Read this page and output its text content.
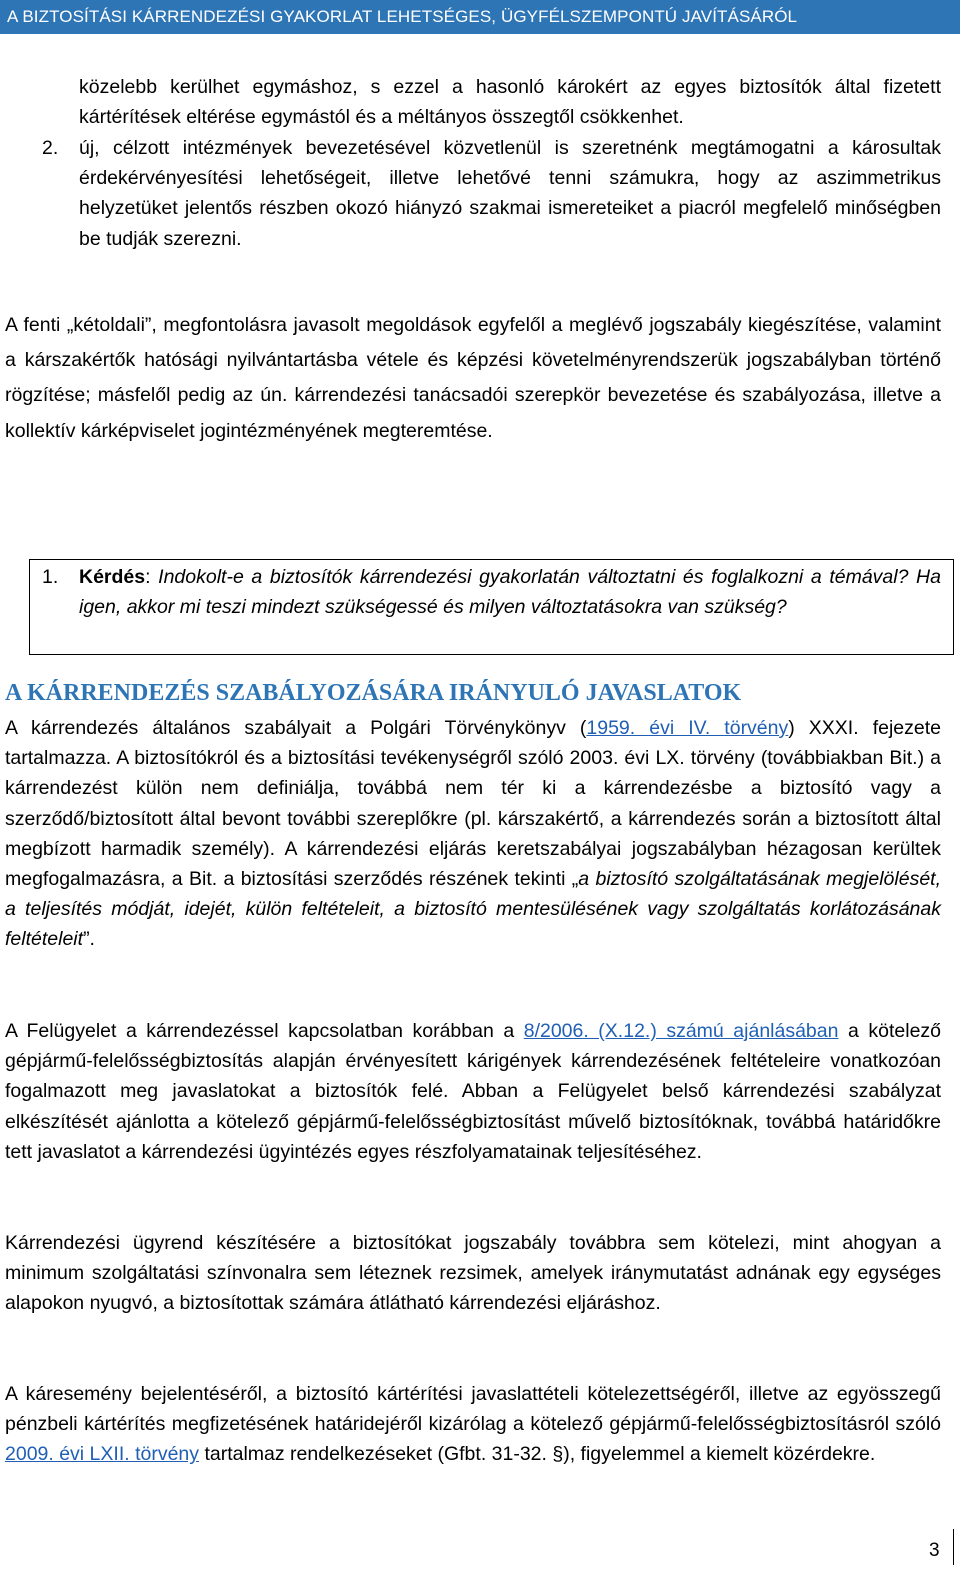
A BIZTOSÍTÁSI KÁRRENDEZÉSI GYAKORLAT LEHETSÉGES, ÜGYFÉLSZEMPONTÚ JAVÍTÁSÁRÓL

közelebb kerülhet egymáshoz, s ezzel a hasonló károkért az egyes biztosítók által fizetett kártérítések eltérése egymástól és a méltányos összegtől csökkenhet.

2. új, célzott intézmények bevezetésével közvetlenül is szeretnénk megtámogatni a károsultak érdekérvényesítési lehetőségeit, illetve lehetővé tenni számukra, hogy az aszimmetrikus helyzetüket jelentős részben okozó hiányzó szakmai ismereteiket a piacról megfelelő minőségben be tudják szerezni.

A fenti „kétoldali”, megfontolásra javasolt megoldások egyfelől a meglévő jogszabály kiegészítése, valamint a kárszakértők hatósági nyilvántartásba vétele és képzési követelményrendszerük jogszabályban történő rögzítése; másfelől pedig az ún. kárrendezési tanácsadói szerepkör bevezetése és szabályozása, illetve a kollektív kárképviselet jogintézményének megteremtése.

1. Kérdés: Indokolt-e a biztosítók kárrendezési gyakorlatán változtatni és foglalkozni a témával? Ha igen, akkor mi teszi mindezt szükségessé és milyen változtatásokra van szükség?

A KÁRRENDEZÉS SZABÁLYOZÁSÁRA IRÁNYULÓ JAVASLATOK

A kárrendezés általános szabályait a Polgári Törvénykönyv (1959. évi IV. törvény) XXXI. fejezete tartalmazza. A biztosítókról és a biztosítási tevékenységről szóló 2003. évi LX. törvény (továbbiakban Bit.) a kárrendezést külön nem definiálja, továbbá nem tér ki a kárrendezésbe a biztosító vagy a szerződő/biztosított által bevont további szereplőkre (pl. kárszakértő, a kárrendezés során a biztosított által megbízott harmadik személy). A kárrendezési eljárás keretszabályai jogszabályban hézagosan kerültek megfogalmazásra, a Bit. a biztosítási szerződés részének tekinti „a biztosító szolgáltatásának megjelölését, a teljesítés módját, idejét, külön feltételeit, a biztosító mentesülésének vagy szolgáltatás korlátozásának feltételeit”.

A Felügyelet a kárrendezéssel kapcsolatban korábban a 8/2006. (X.12.) számú ajánlásában a kötelező gépjármű-felelősségbiztosítás alapján érvényesített kárigények kárrendezésének feltételeire vonatkozóan fogalmazott meg javaslatokat a biztosítók felé. Abban a Felügyelet belső kárrendezési szabályzat elkészítését ajánlotta a kötelező gépjármű-felelősségbiztosítást művelő biztosítóknak, továbbá határidőkre tett javaslatot a kárrendezési ügyintézés egyes részfolyamatainak teljesítéséhez.

Kárrendezési ügyrend készítésére a biztosítókat jogszabály továbbra sem kötelezi, mint ahogyan a minimum szolgáltatási színvonalra sem léteznek rezsimek, amelyek iránymutatást adnának egy egységes alapokon nyugvó, a biztosítottak számára átlátható kárrendezési eljáráshoz.

A káresemény bejelentéséről, a biztosító kártérítési javaslattételi kötelezettségéről, illetve az egyösszegű pénzbeli kártérítés megfizetésének határidejéről kizárólag a kötelező gépjármű-felelősségbiztosításról szóló 2009. évi LXII. törvény tartalmaz rendelkezéseket (Gfbt. 31-32. §), figyelemmel a kiemelt közérdekre.

3
